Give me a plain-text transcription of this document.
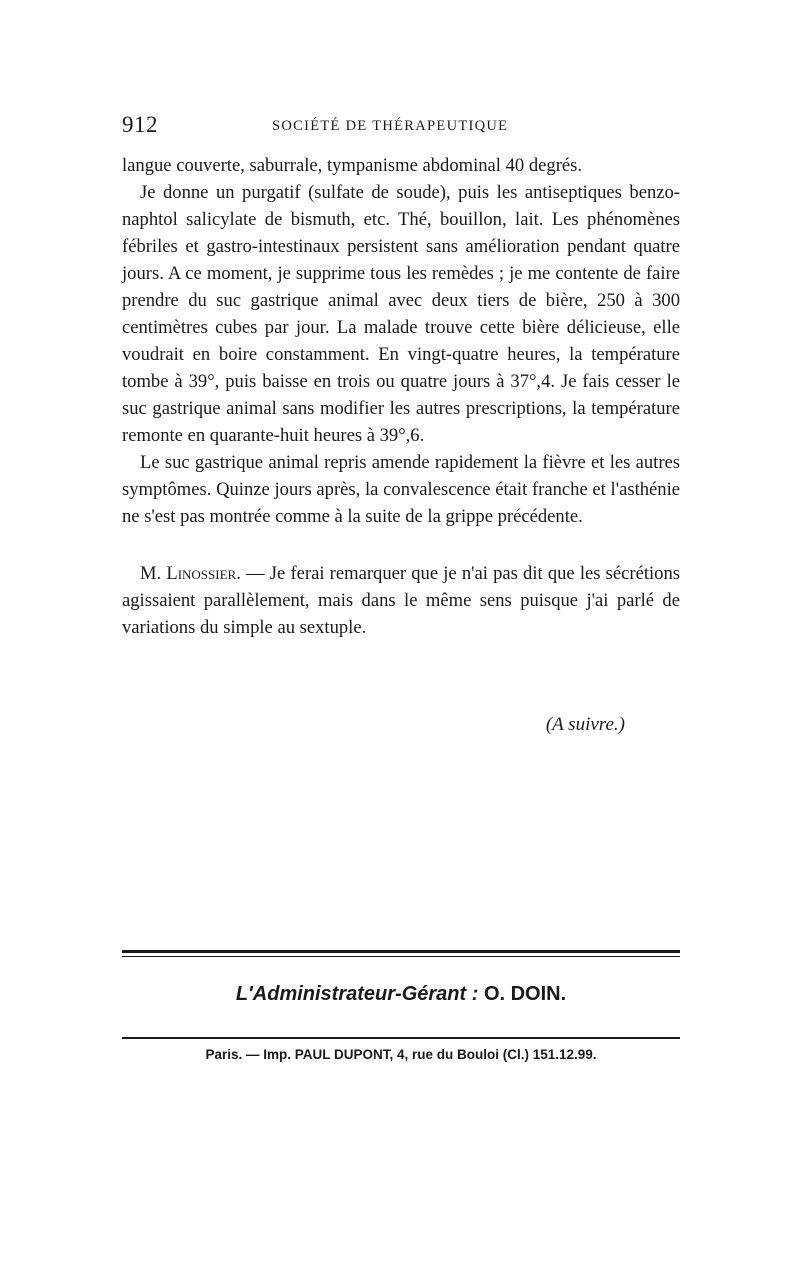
912	SOCIÉTÉ DE THÉRAPEUTIQUE

langue couverte, saburrale, tympanisme abdominal 40 degrés.

Je donne un purgatif (sulfate de soude), puis les antiseptiques benzo-naphtol salicylate de bismuth, etc. Thé, bouillon, lait. Les phénomènes fébriles et gastro-intestinaux persistent sans amélioration pendant quatre jours. A ce moment, je supprime tous les remèdes ; je me contente de faire prendre du suc gastrique animal avec deux tiers de bière, 250 à 300 centimètres cubes par jour. La malade trouve cette bière délicieuse, elle voudrait en boire constamment. En vingt-quatre heures, la température tombe à 39°, puis baisse en trois ou quatre jours à 37°,4. Je fais cesser le suc gastrique animal sans modifier les autres prescriptions, la température remonte en quarante-huit heures à 39°,6.

Le suc gastrique animal repris amende rapidement la fièvre et les autres symptômes. Quinze jours après, la convalescence était franche et l'asthénie ne s'est pas montrée comme à la suite de la grippe précédente.

M. Linossier. — Je ferai remarquer que je n'ai pas dit que les sécrétions agissaient parallèlement, mais dans le même sens puisque j'ai parlé de variations du simple au sextuple.

(A suivre.)
L'Administrateur-Gérant : O. DOIN.
Paris. — Imp. PAUL DUPONT, 4, rue du Bouloi (Cl.) 151.12.99.
